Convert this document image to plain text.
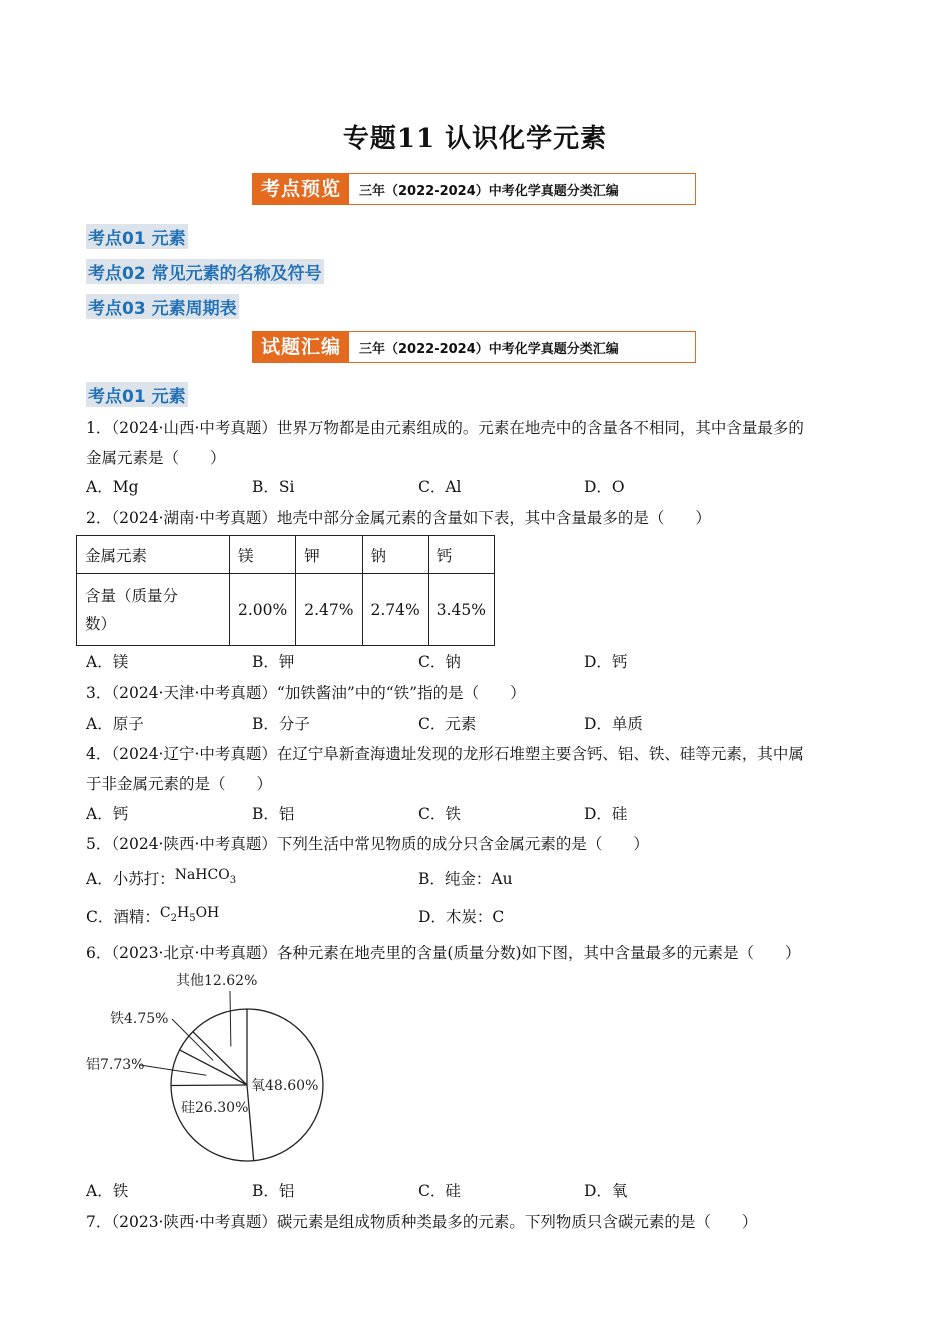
专题11 认识化学元素
考点预览	三年（2022-2024）中考化学真题分类汇编
考点01 元素
考点02 常见元素的名称及符号
考点03 元素周期表
试题汇编	三年（2022-2024）中考化学真题分类汇编
考点01 元素
1．（2024·山西·中考真题）世界万物都是由元素组成的。元素在地壳中的含量各不相同，其中含量最多的
金属元素是（　　）
A．Mg	B．Si	C．Al	D．O
2．（2024·湖南·中考真题）地壳中部分金属元素的含量如下表，其中含量最多的是（　　）
金属元素	镁	钾	钠	钙
含量（质量分
数）	2.00%	2.47%	2.74%	3.45%
A．镁	B．钾	C．钠	D．钙
3．（2024·天津·中考真题）“加铁酱油”中的“铁”指的是（　　）
A．原子	B．分子	C．元素	D．单质
4．（2024·辽宁·中考真题）在辽宁阜新查海遗址发现的龙形石堆塑主要含钙、铝、铁、硅等元素，其中属
于非金属元素的是（　　）
A．钙	B．铝	C．铁	D．硅
5．（2024·陕西·中考真题）下列生活中常见物质的成分只含金属元素的是（　　）
A．小苏打：NaHCO$_3$	B．纯金：Au
C．酒精：$C_2H_5OH$	D．木炭：C
6．（2023·北京·中考真题）各种元素在地壳里的含量(质量分数)如下图，其中含量最多的元素是（　　）
氧48.60%
硅26.30%
铝7.73%
铁4.75%
其他12.62%
A．铁	B．铝	C．硅	D．氧
7．（2023·陕西·中考真题）碳元素是组成物质种类最多的元素。下列物质只含碳元素的是（　　）
